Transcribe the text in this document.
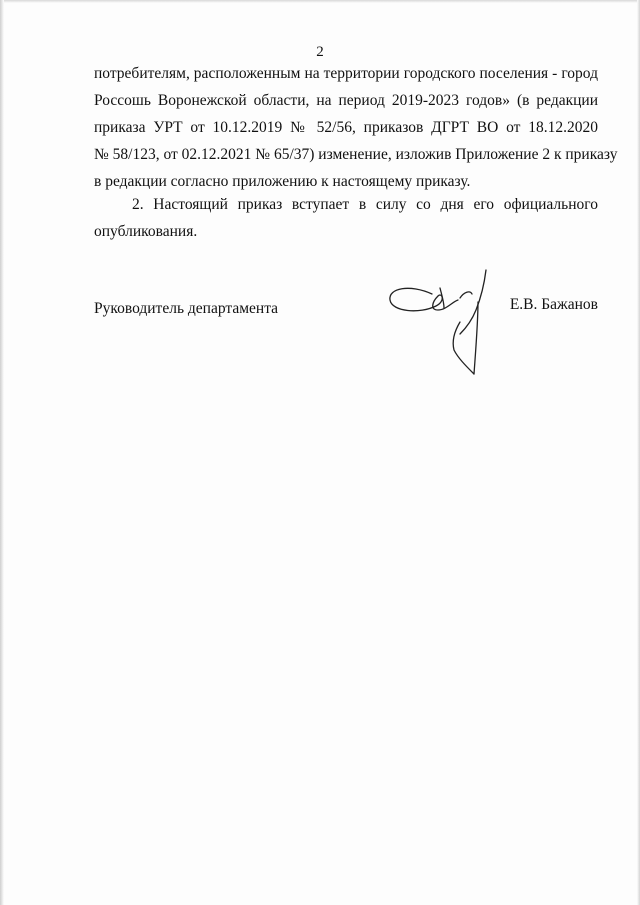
2
потребителям, расположенным на территории городского поселения - город
Россошь Воронежской области, на период 2019-2023 годов» (в редакции
приказа УРТ от 10.12.2019 № 52/56, приказов ДГРТ ВО от 18.12.2020
№ 58/123, от 02.12.2021 № 65/37) изменение, изложив Приложение 2 к приказу
в редакции согласно приложению к настоящему приказу.
2. Настоящий приказ вступает в силу со дня его официального
опубликования.
Руководитель департамента	Е.В. Бажанов
